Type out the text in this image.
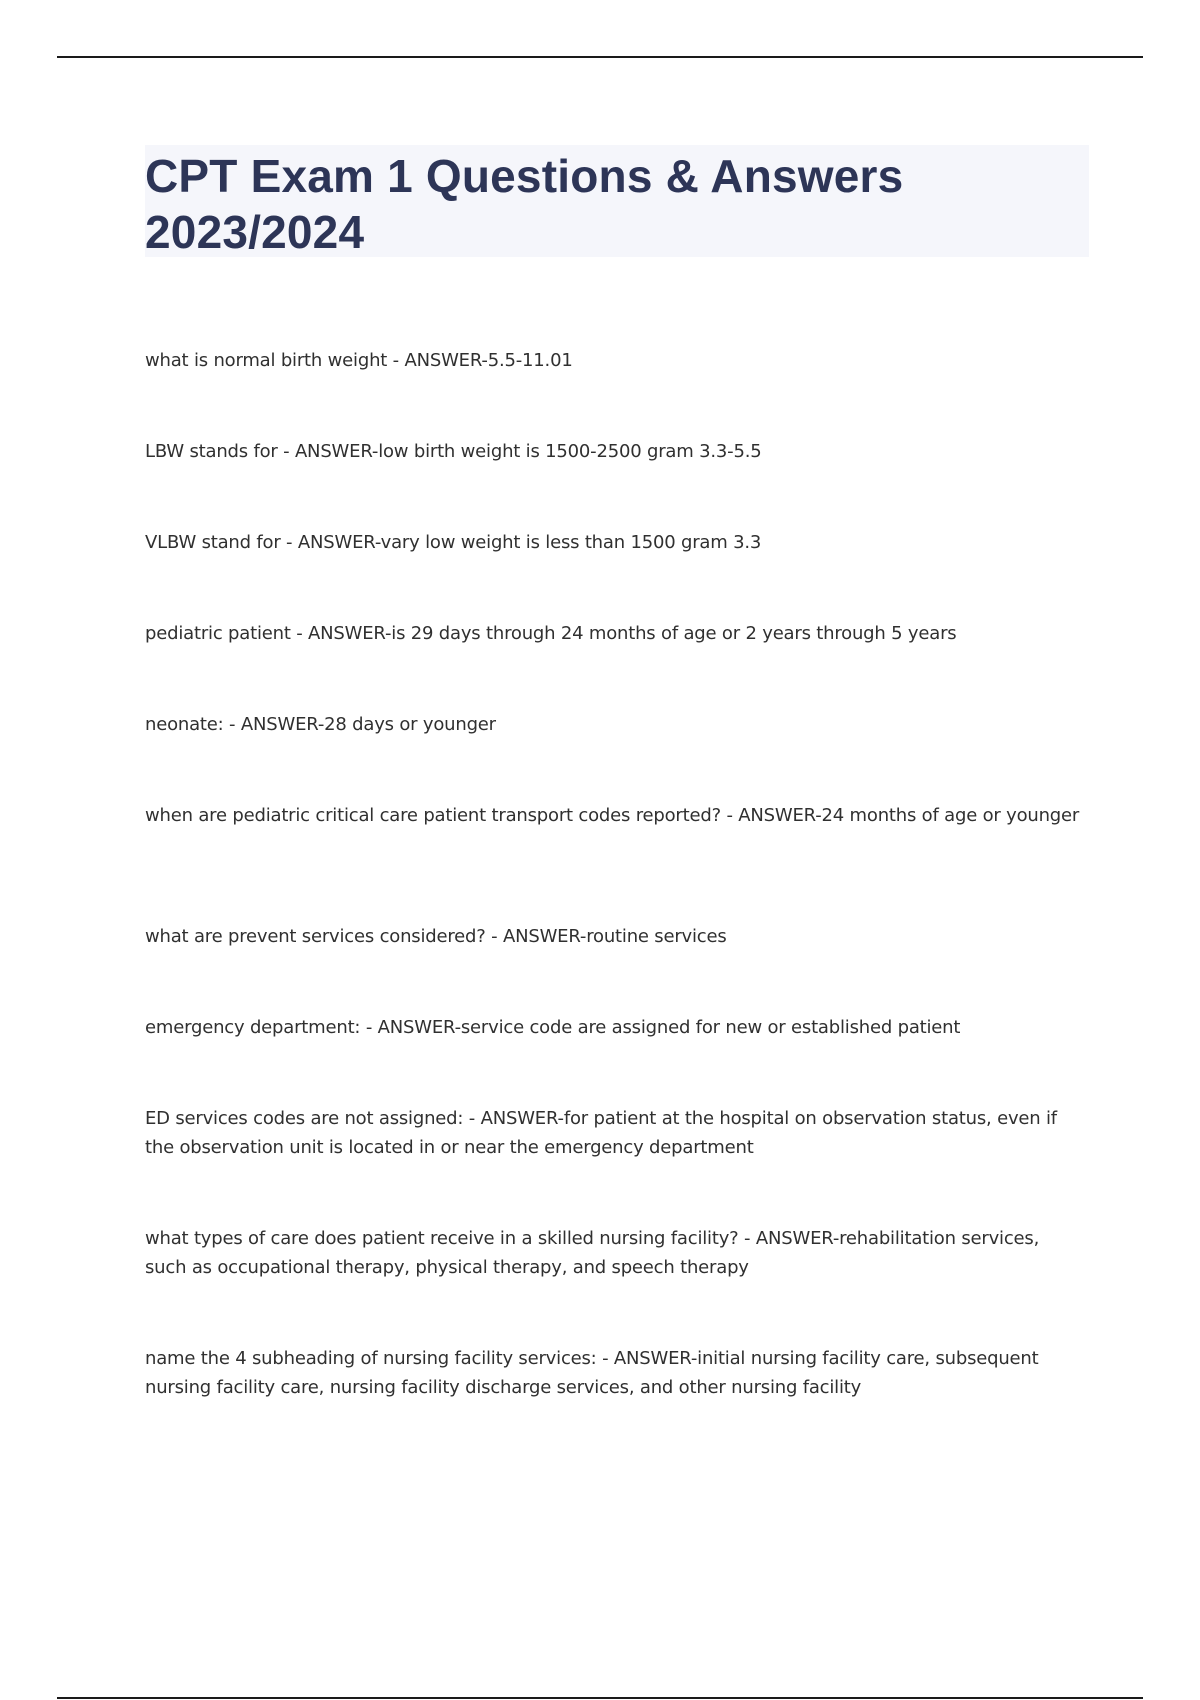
CPT Exam 1 Questions & Answers 2023/2024

what is normal birth weight - ANSWER-5.5-11.01

LBW stands for - ANSWER-low birth weight is 1500-2500 gram 3.3-5.5

VLBW stand for - ANSWER-vary low weight is less than 1500 gram 3.3

pediatric patient - ANSWER-is 29 days through 24 months of age or 2 years through 5 years

neonate: - ANSWER-28 days or younger

when are pediatric critical care patient transport codes reported? - ANSWER-24 months of age or younger

what are prevent services considered? - ANSWER-routine services

emergency department: - ANSWER-service code are assigned for new or established patient

ED services codes are not assigned: - ANSWER-for patient at the hospital on observation status, even if the observation unit is located in or near the emergency department

what types of care does patient receive in a skilled nursing facility? - ANSWER-rehabilitation services, such as occupational therapy, physical therapy, and speech therapy

name the 4 subheading of nursing facility services: - ANSWER-initial nursing facility care, subsequent nursing facility care, nursing facility discharge services, and other nursing facility
